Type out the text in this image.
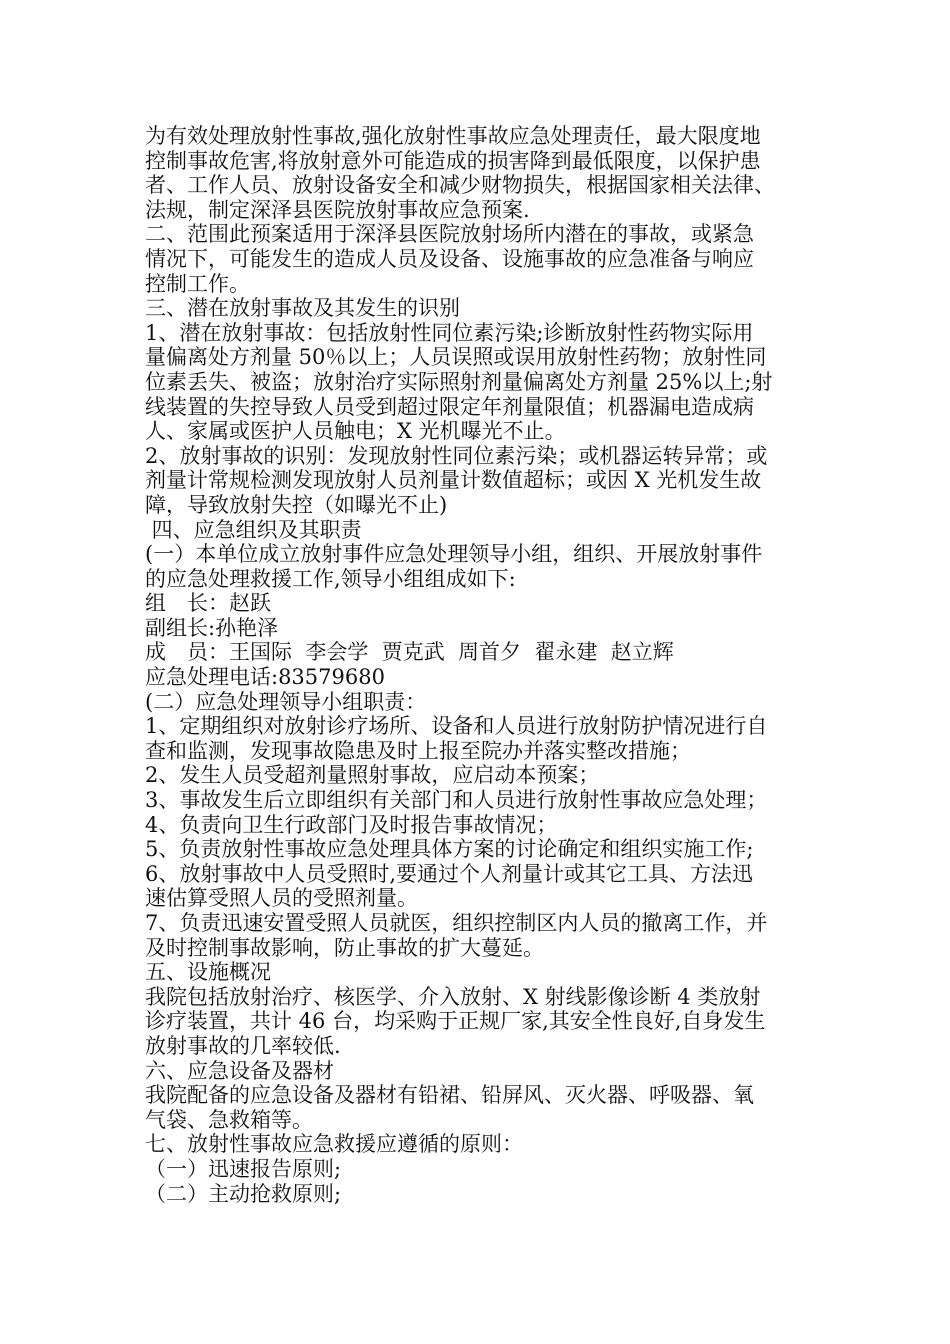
为有效处理放射性事故,强化放射性事故应急处理责任，最大限度地
控制事故危害,将放射意外可能造成的损害降到最低限度，以保护患
者、工作人员、放射设备安全和减少财物损失，根据国家相关法律、
法规，制定深泽县医院放射事故应急预案.
二、范围此预案适用于深泽县医院放射场所内潜在的事故，或紧急
情况下，可能发生的造成人员及设备、设施事故的应急准备与响应
控制工作。
三、潜在放射事故及其发生的识别
1、潜在放射事故：包括放射性同位素污染;诊断放射性药物实际用
量偏离处方剂量 50％以上；人员误照或误用放射性药物；放射性同
位素丢失、被盗；放射治疗实际照射剂量偏离处方剂量 25%以上;射
线装置的失控导致人员受到超过限定年剂量限值；机器漏电造成病
人、家属或医护人员触电；X 光机曝光不止。
2、放射事故的识别：发现放射性同位素污染；或机器运转异常；或
剂量计常规检测发现放射人员剂量计数值超标；或因 X 光机发生故
障，导致放射失控（如曝光不止)
四、应急组织及其职责
(一）本单位成立放射事件应急处理领导小组，组织、开展放射事件
的应急处理救援工作,领导小组组成如下:
组　长：赵跃
副组长:孙艳泽
成　员：王国际  李会学  贾克武  周首夕  翟永建  赵立辉
应急处理电话:83579680
(二）应急处理领导小组职责：
1、定期组织对放射诊疗场所、设备和人员进行放射防护情况进行自
查和监测，发现事故隐患及时上报至院办并落实整改措施；
2、发生人员受超剂量照射事故，应启动本预案；
3、事故发生后立即组织有关部门和人员进行放射性事故应急处理；
4、负责向卫生行政部门及时报告事故情况；
5、负责放射性事故应急处理具体方案的讨论确定和组织实施工作;
6、放射事故中人员受照时,要通过个人剂量计或其它工具、方法迅
速估算受照人员的受照剂量。
7、负责迅速安置受照人员就医，组织控制区内人员的撤离工作，并
及时控制事故影响，防止事故的扩大蔓延。
五、设施概况
我院包括放射治疗、核医学、介入放射、X 射线影像诊断 4 类放射
诊疗装置，共计 46 台，均采购于正规厂家,其安全性良好,自身发生
放射事故的几率较低.
六、应急设备及器材
我院配备的应急设备及器材有铅裙、铅屏风、灭火器、呼吸器、氧
气袋、急救箱等。
七、放射性事故应急救援应遵循的原则：
（一）迅速报告原则;
（二）主动抢救原则;
